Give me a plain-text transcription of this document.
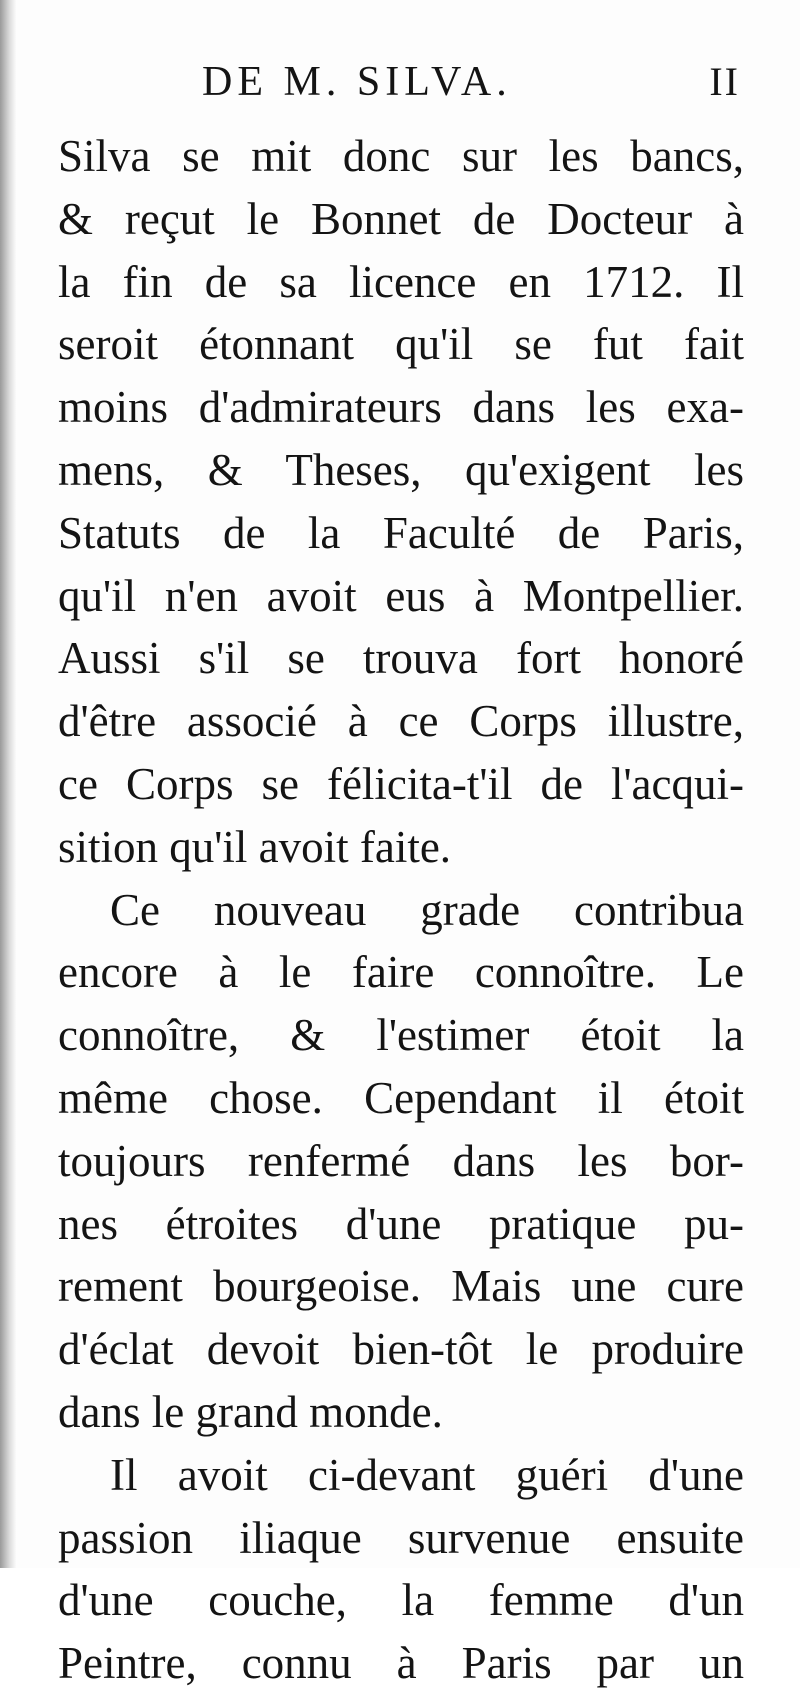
DE M. SILVA.	II
Silva se mit donc sur les bancs,
& reçut le Bonnet de Docteur à
la fin de sa licence en 1712. Il
seroit étonnant qu'il se fut fait
moins d'admirateurs dans les exa-
mens, & Theses, qu'exigent les
Statuts de la Faculté de Paris,
qu'il n'en avoit eus à Montpellier.
Aussi s'il se trouva fort honoré
d'être associé à ce Corps illustre,
ce Corps se félicita-t'il de l'acqui-
sition qu'il avoit faite.
Ce nouveau grade contribua
encore à le faire connoître. Le
connoître, & l'estimer étoit la
même chose. Cependant il étoit
toujours renfermé dans les bor-
nes étroites d'une pratique pu-
rement bourgeoise. Mais une cure
d'éclat devoit bien-tôt le produire
dans le grand monde.
Il avoit ci-devant guéri d'une
passion iliaque survenue ensuite
d'une couche, la femme d'un
Peintre, connu à Paris par un
